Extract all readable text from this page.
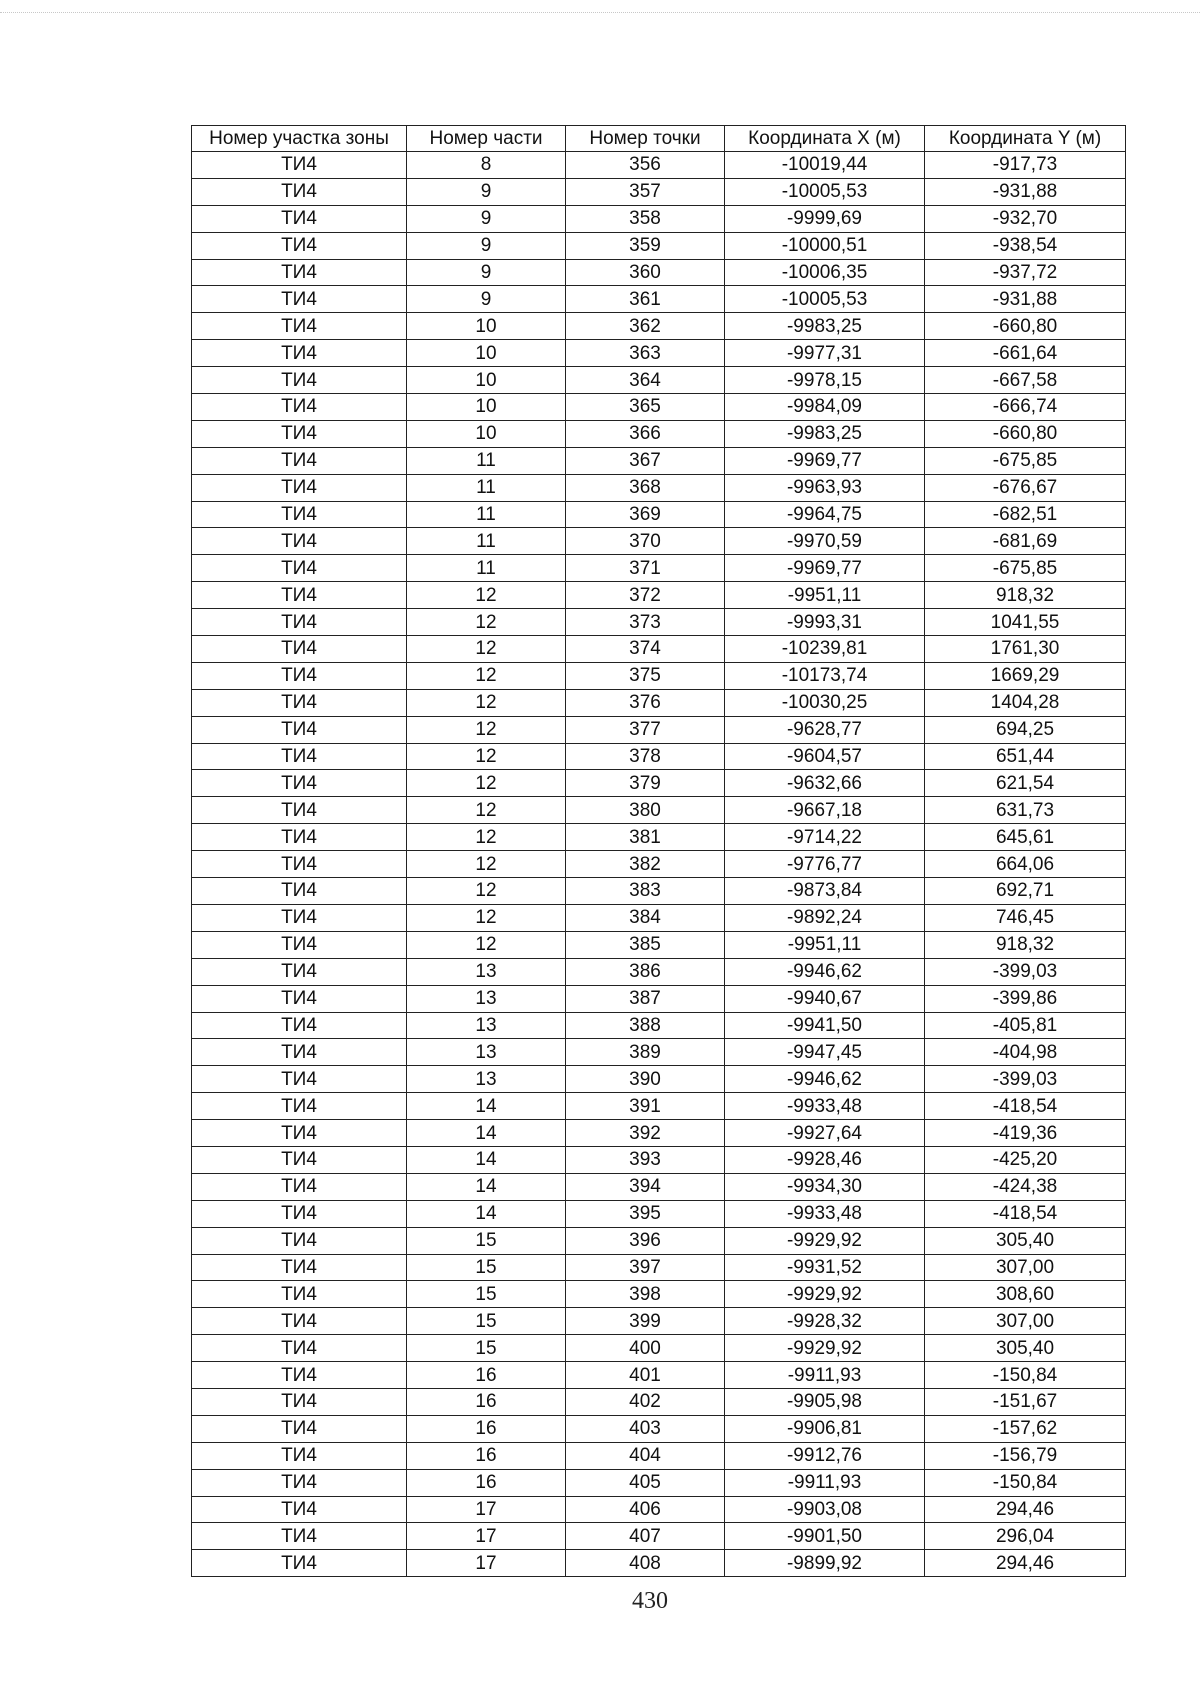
Номер участка зоны	Номер части	Номер точки	Координата X (м)	Координата Y (м)
ТИ4	8	356	-10019,44	-917,73
ТИ4	9	357	-10005,53	-931,88
ТИ4	9	358	-9999,69	-932,70
ТИ4	9	359	-10000,51	-938,54
ТИ4	9	360	-10006,35	-937,72
ТИ4	9	361	-10005,53	-931,88
ТИ4	10	362	-9983,25	-660,80
ТИ4	10	363	-9977,31	-661,64
ТИ4	10	364	-9978,15	-667,58
ТИ4	10	365	-9984,09	-666,74
ТИ4	10	366	-9983,25	-660,80
ТИ4	11	367	-9969,77	-675,85
ТИ4	11	368	-9963,93	-676,67
ТИ4	11	369	-9964,75	-682,51
ТИ4	11	370	-9970,59	-681,69
ТИ4	11	371	-9969,77	-675,85
ТИ4	12	372	-9951,11	918,32
ТИ4	12	373	-9993,31	1041,55
ТИ4	12	374	-10239,81	1761,30
ТИ4	12	375	-10173,74	1669,29
ТИ4	12	376	-10030,25	1404,28
ТИ4	12	377	-9628,77	694,25
ТИ4	12	378	-9604,57	651,44
ТИ4	12	379	-9632,66	621,54
ТИ4	12	380	-9667,18	631,73
ТИ4	12	381	-9714,22	645,61
ТИ4	12	382	-9776,77	664,06
ТИ4	12	383	-9873,84	692,71
ТИ4	12	384	-9892,24	746,45
ТИ4	12	385	-9951,11	918,32
ТИ4	13	386	-9946,62	-399,03
ТИ4	13	387	-9940,67	-399,86
ТИ4	13	388	-9941,50	-405,81
ТИ4	13	389	-9947,45	-404,98
ТИ4	13	390	-9946,62	-399,03
ТИ4	14	391	-9933,48	-418,54
ТИ4	14	392	-9927,64	-419,36
ТИ4	14	393	-9928,46	-425,20
ТИ4	14	394	-9934,30	-424,38
ТИ4	14	395	-9933,48	-418,54
ТИ4	15	396	-9929,92	305,40
ТИ4	15	397	-9931,52	307,00
ТИ4	15	398	-9929,92	308,60
ТИ4	15	399	-9928,32	307,00
ТИ4	15	400	-9929,92	305,40
ТИ4	16	401	-9911,93	-150,84
ТИ4	16	402	-9905,98	-151,67
ТИ4	16	403	-9906,81	-157,62
ТИ4	16	404	-9912,76	-156,79
ТИ4	16	405	-9911,93	-150,84
ТИ4	17	406	-9903,08	294,46
ТИ4	17	407	-9901,50	296,04
ТИ4	17	408	-9899,92	294,46
430
